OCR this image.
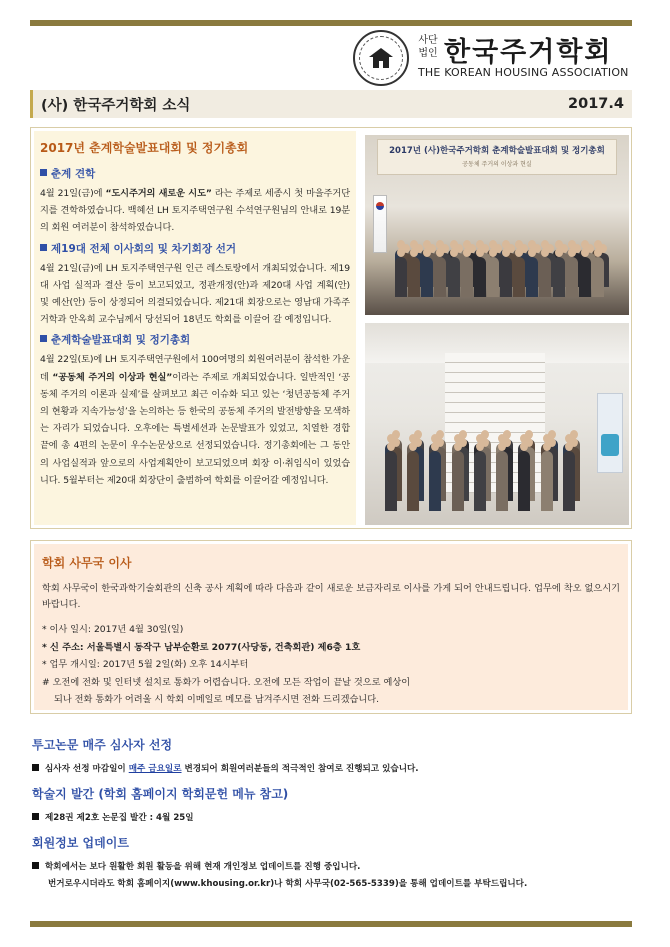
사단
법인 한국주거학회
THE KOREAN HOUSING ASSOCIATION
(사) 한국주거학회 소식	2017.4
2017년 춘계학술발표대회 및 정기총회
춘계 견학
4월 21일(금)에 “도시주거의 새로운 시도” 라는 주제로 세종시 첫 마을주거단지를 견학하였습니다. 백혜선 LH 토지주택연구원 수석연구원님의 안내로 19분의 회원 여러분이 참석하였습니다.
제19대 전체 이사회의 및 차기회장 선거
4월 21일(금)에 LH 토지주택연구원 인근 레스토랑에서 개최되었습니다. 제19대 사업 실적과 결산 등이 보고되었고, 정관개정(안)과 제20대 사업 계획(안) 및 예산(안) 등이 상정되어 의결되었습니다. 제21대 회장으로는 영남대 가족주거학과 안옥희 교수님께서 당선되어 18년도 학회를 이끌어 갈 예정입니다.
춘계학술발표대회 및 정기총회
4월 22일(토)에 LH 토지주택연구원에서 100여명의 회원여러분이 참석한 가운데 “공동체 주거의 이상과 현실”이라는 주제로 개최되었습니다. 일반적인 ‘공동체 주거의 이론과 실제’를 살펴보고 최근 이슈화 되고 있는 ‘청년공동체 주거의 현황과 지속가능성’을 논의하는 등 한국의 공동체 주거의 발전방향을 모색하는 자리가 되었습니다. 오후에는 특별세션과 논문발표가 있었고, 치열한 경합 끝에 총 4편의 논문이 우수논문상으로 선정되었습니다. 정기총회에는 그 동안의 사업실적과 앞으로의 사업계획안이 보고되었으며 회장 이·취임식이 있었습니다. 5월부터는 제20대 회장단이 출범하여 학회를 이끌어갈 예정입니다.
2017년 (사)한국주거학회 춘계학술발표대회 및 정기총회
공동체 주거의 이상과 현실
학회 사무국 이사
학회 사무국이 한국과학기술회관의 신축 공사 계획에 따라 다음과 같이 새로운 보금자리로 이사를 가게 되어 안내드립니다. 업무에 착오 없으시기 바랍니다.
* 이사 일시: 2017년 4월 30일(일)
* 신 주소: 서울특별시 동작구 남부순환로 2077(사당동, 건축회관) 제6층 1호
* 업무 개시일: 2017년 5월 2일(화) 오후 14시부터
# 오전에 전화 및 인터넷 설치로 통화가 어렵습니다. 오전에 모든 작업이 끝날 것으로 예상이
되나 전화 통화가 어려울 시 학회 이메일로 메모를 남겨주시면 전화 드리겠습니다.
투고논문 매주 심사자 선정
심사자 선정 마감일이 매주 금요일로 변경되어 회원여러분들의 적극적인 참여로 진행되고 있습니다.
학술지 발간 (학회 홈페이지 학회문헌 메뉴 참고)
제28권 제2호 논문집 발간 : 4월 25일
회원정보 업데이트
학회에서는 보다 원활한 회원 활동을 위해 현재 개인정보 업데이트를 진행 중입니다.
번거로우시더라도 학회 홈페이지(www.khousing.or.kr)나 학회 사무국(02-565-5339)을 통해 업데이트를 부탁드립니다.
